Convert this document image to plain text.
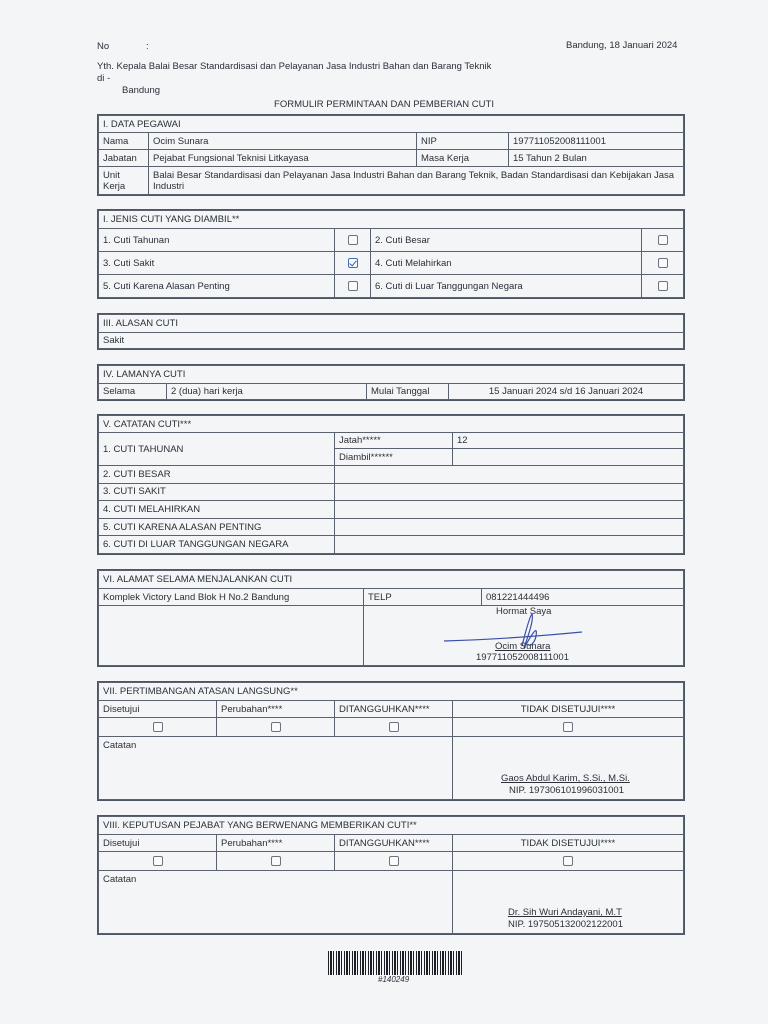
No	:	Bandung, 18 Januari 2024
Yth. Kepala Balai Besar Standardisasi dan Pelayanan Jasa Industri Bahan dan Barang Teknik
di -
Bandung
FORMULIR PERMINTAAN DAN PEMBERIAN CUTI
I. DATA PEGAWAI			
Nama	Ocim Sunara	NIP	197711052008111001
Jabatan	Pejabat Fungsional Teknisi Litkayasa	Masa Kerja	15 Tahun 2 Bulan
Unit Kerja	Balai Besar Standardisasi dan Pelayanan Jasa Industri Bahan dan Barang Teknik, Badan Standardisasi dan Kebijakan Jasa Industri		
I. JENIS CUTI YANG DIAMBIL**			
1. Cuti Tahunan		2. Cuti Besar	
3. Cuti Sakit		4. Cuti Melahirkan	
5. Cuti Karena Alasan Penting		6. Cuti di Luar Tanggungan Negara	
III. ALASAN CUTI
Sakit
IV. LAMANYA CUTI
Selama	2 (dua) hari kerja	Mulai Tanggal	15 Januari 2024 s/d 16 Januari 2024
V. CATATAN CUTI***		
1. CUTI TAHUNAN	Jatah*****	12
	Diambil******	
2. CUTI BESAR		
3. CUTI SAKIT		
4. CUTI MELAHIRKAN		
5. CUTI KARENA ALASAN PENTING		
6. CUTI DI LUAR TANGGUNGAN NEGARA		
VI. ALAMAT SELAMA MENJALANKAN CUTI		
Komplek Victory Land Blok H No.2 Bandung	TELP	081221444496

Hormat Saya
Ocim Sunara
197711052008111001
VII. PERTIMBANGAN ATASAN LANGSUNG**			
Disetujui	Perubahan****	DITANGGUHKAN****	TIDAK DISETUJUI****

Catatan			
Gaos Abdul Karim, S.Si., M.Si.
NIP. 197306101996031001
VIII. KEPUTUSAN PEJABAT YANG BERWENANG MEMBERIKAN CUTI**			
Disetujui	Perubahan****	DITANGGUHKAN****	TIDAK DISETUJUI****

Catatan			
Dr. Sih Wuri Andayani, M.T
NIP. 197505132002122001
#140249
